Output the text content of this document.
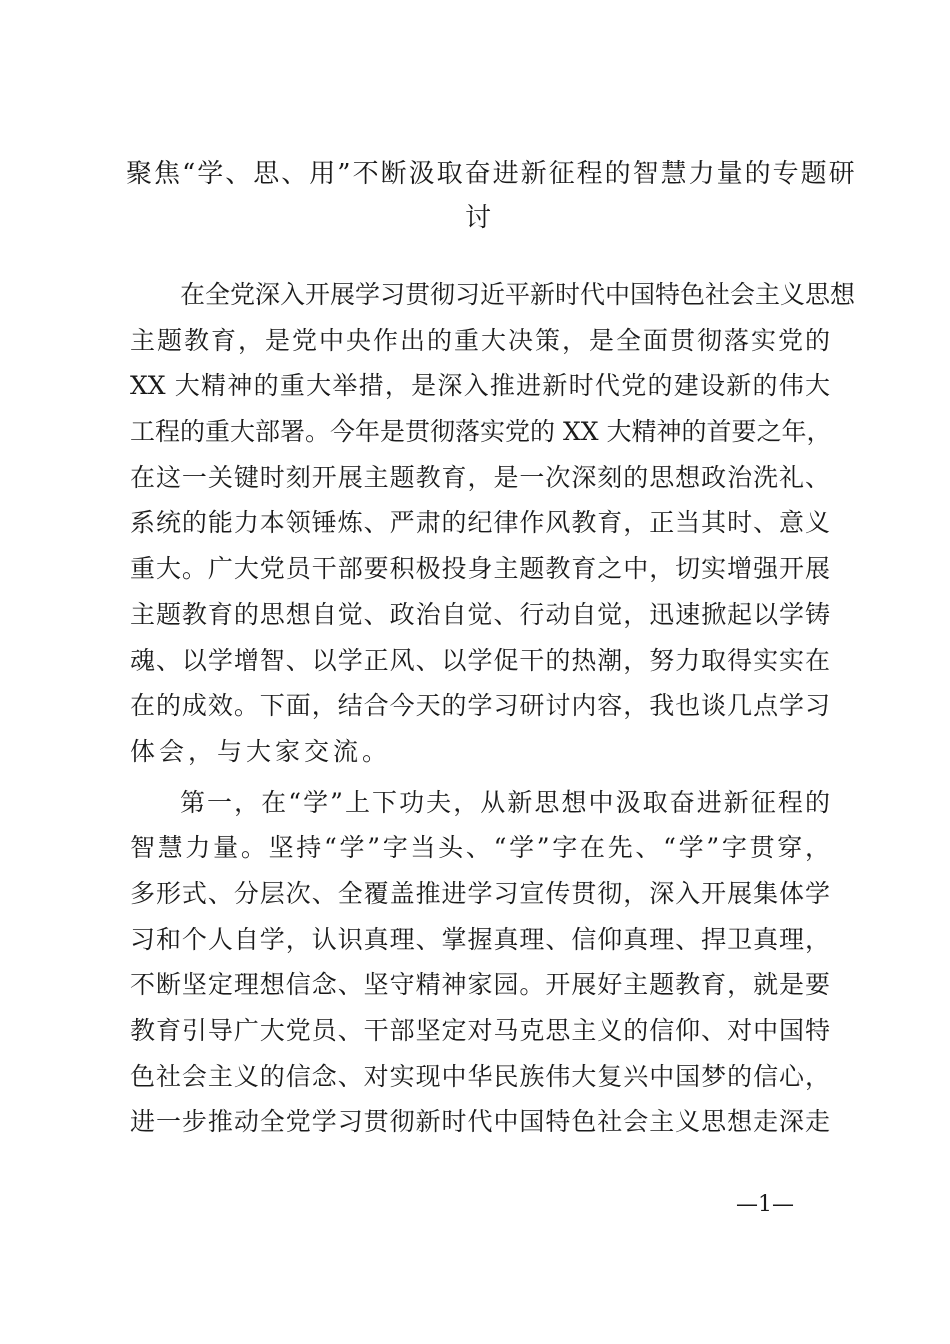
聚焦“学、思、用”不断汲取奋进新征程的智慧力量的专题研
讨
在全党深入开展学习贯彻习近平新时代中国特色社会主义思想
主题教育，是党中央作出的重大决策，是全面贯彻落实党的
XX 大精神的重大举措，是深入推进新时代党的建设新的伟大
工程的重大部署。今年是贯彻落实党的 XX 大精神的首要之年，
在这一关键时刻开展主题教育，是一次深刻的思想政治洗礼、
系统的能力本领锤炼、严肃的纪律作风教育，正当其时、意义
重大。广大党员干部要积极投身主题教育之中，切实增强开展
主题教育的思想自觉、政治自觉、行动自觉，迅速掀起以学铸
魂、以学增智、以学正风、以学促干的热潮，努力取得实实在
在的成效。下面，结合今天的学习研讨内容，我也谈几点学习
体会，与大家交流。
第一，在“学”上下功夫，从新思想中汲取奋进新征程的
智慧力量。坚持“学”字当头、“学”字在先、“学”字贯穿，
多形式、分层次、全覆盖推进学习宣传贯彻，深入开展集体学
习和个人自学，认识真理、掌握真理、信仰真理、捍卫真理，
不断坚定理想信念、坚守精神家园。开展好主题教育，就是要
教育引导广大党员、干部坚定对马克思主义的信仰、对中国特
色社会主义的信念、对实现中华民族伟大复兴中国梦的信心，
进一步推动全党学习贯彻新时代中国特色社会主义思想走深走
—1—
